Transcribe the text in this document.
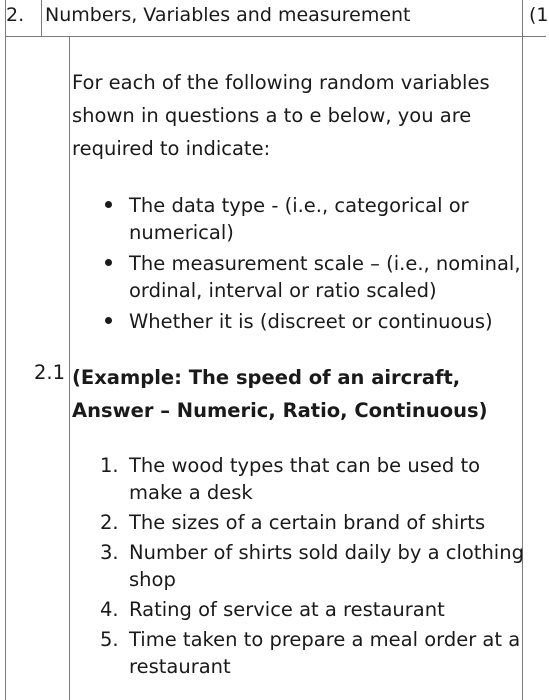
2. Numbers, Variables and measurement	(1
For each of the following random variables shown in questions a to e below, you are required to indicate:
The data type - (i.e., categorical or numerical)
The measurement scale – (i.e., nominal, ordinal, interval or ratio scaled)
Whether it is (discreet or continuous)
2.1 (Example: The speed of an aircraft, Answer – Numeric, Ratio, Continuous)
1. The wood types that can be used to make a desk
2. The sizes of a certain brand of shirts
3. Number of shirts sold daily by a clothing shop
4. Rating of service at a restaurant
5. Time taken to prepare a meal order at a restaurant
